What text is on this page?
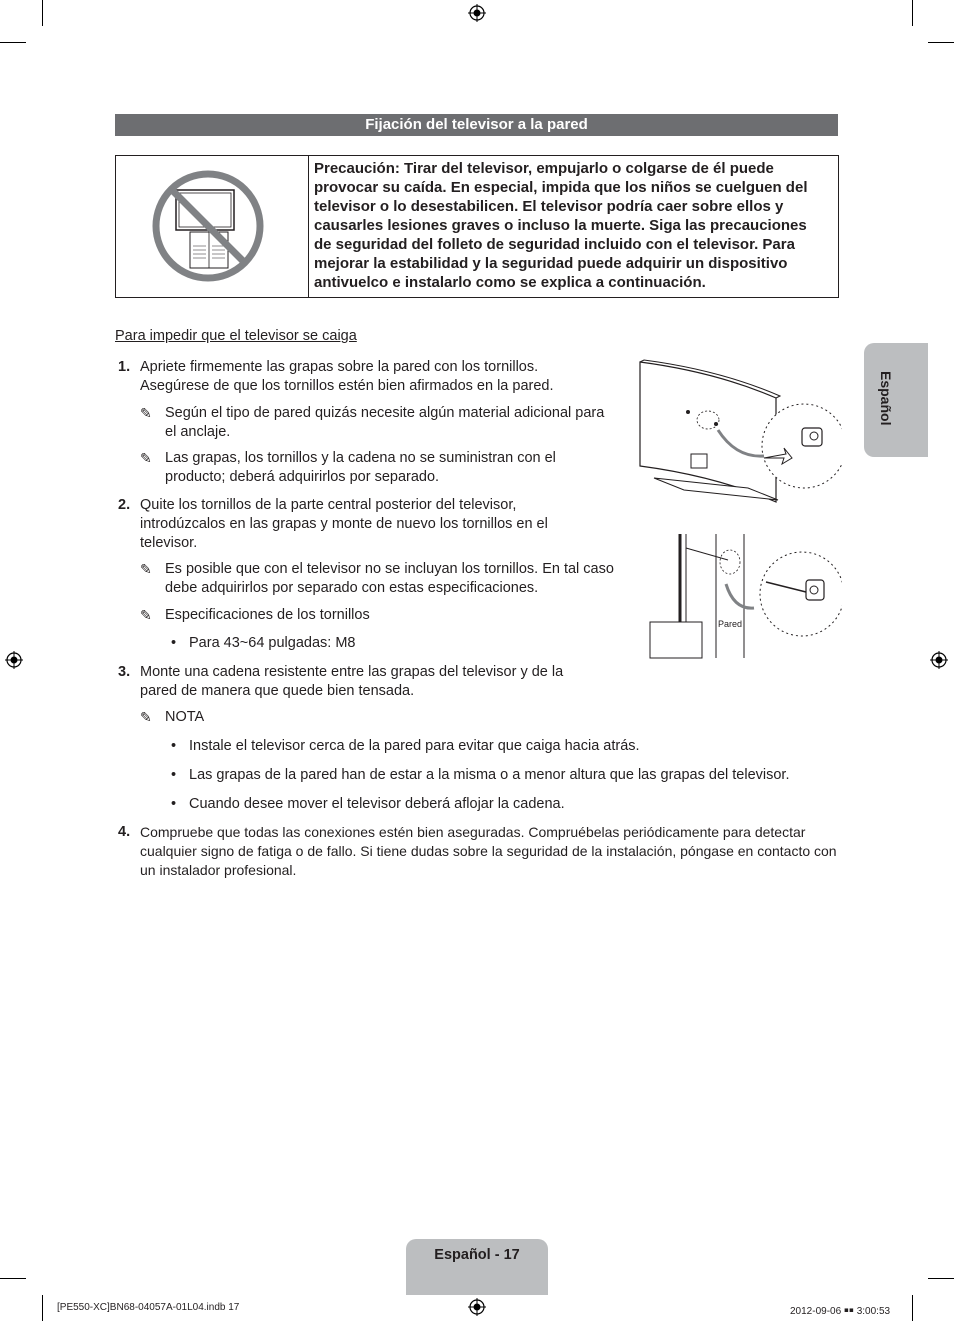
Fijación del televisor a la pared
Precaución: Tirar del televisor, empujarlo o colgarse de él puede provocar su caída. En especial, impida que los niños se cuelguen del televisor o lo desestabilicen. El televisor podría caer sobre ellos y causarles lesiones graves o incluso la muerte. Siga las precauciones de seguridad del folleto de seguridad incluido con el televisor. Para mejorar la estabilidad y la seguridad puede adquirir un dispositivo antivuelco e instalarlo como se explica a continuación.
Para impedir que el televisor se caiga
1. Apriete firmemente las grapas sobre la pared con los tornillos. Asegúrese de que los tornillos estén bien afirmados en la pared.
✎ Según el tipo de pared quizás necesite algún material adicional para el anclaje.
✎ Las grapas, los tornillos y la cadena no se suministran con el producto; deberá adquirirlos por separado.
2. Quite los tornillos de la parte central posterior del televisor, introdúzcalos en las grapas y monte de nuevo los tornillos en el televisor.
✎ Es posible que con el televisor no se incluyan los tornillos. En tal caso debe adquirirlos por separado con estas especificaciones.
✎ Especificaciones de los tornillos
• Para 43~64 pulgadas: M8
3. Monte una cadena resistente entre las grapas del televisor y de la pared de manera que quede bien tensada.
✎ NOTA
• Instale el televisor cerca de la pared para evitar que caiga hacia atrás.
• Las grapas de la pared han de estar a la misma o a menor altura que las grapas del televisor.
• Cuando desee mover el televisor deberá aflojar la cadena.
4. Compruebe que todas las conexiones estén bien aseguradas. Compruébelas periódicamente para detectar cualquier signo de fatiga o de fallo. Si tiene dudas sobre la seguridad de la instalación, póngase en contacto con un instalador profesional.
Pared
Español
Español - 17
[PE550-XC]BN68-04057A-01L04.indb 17	2012-09-06 ￭￭ 3:00:53
